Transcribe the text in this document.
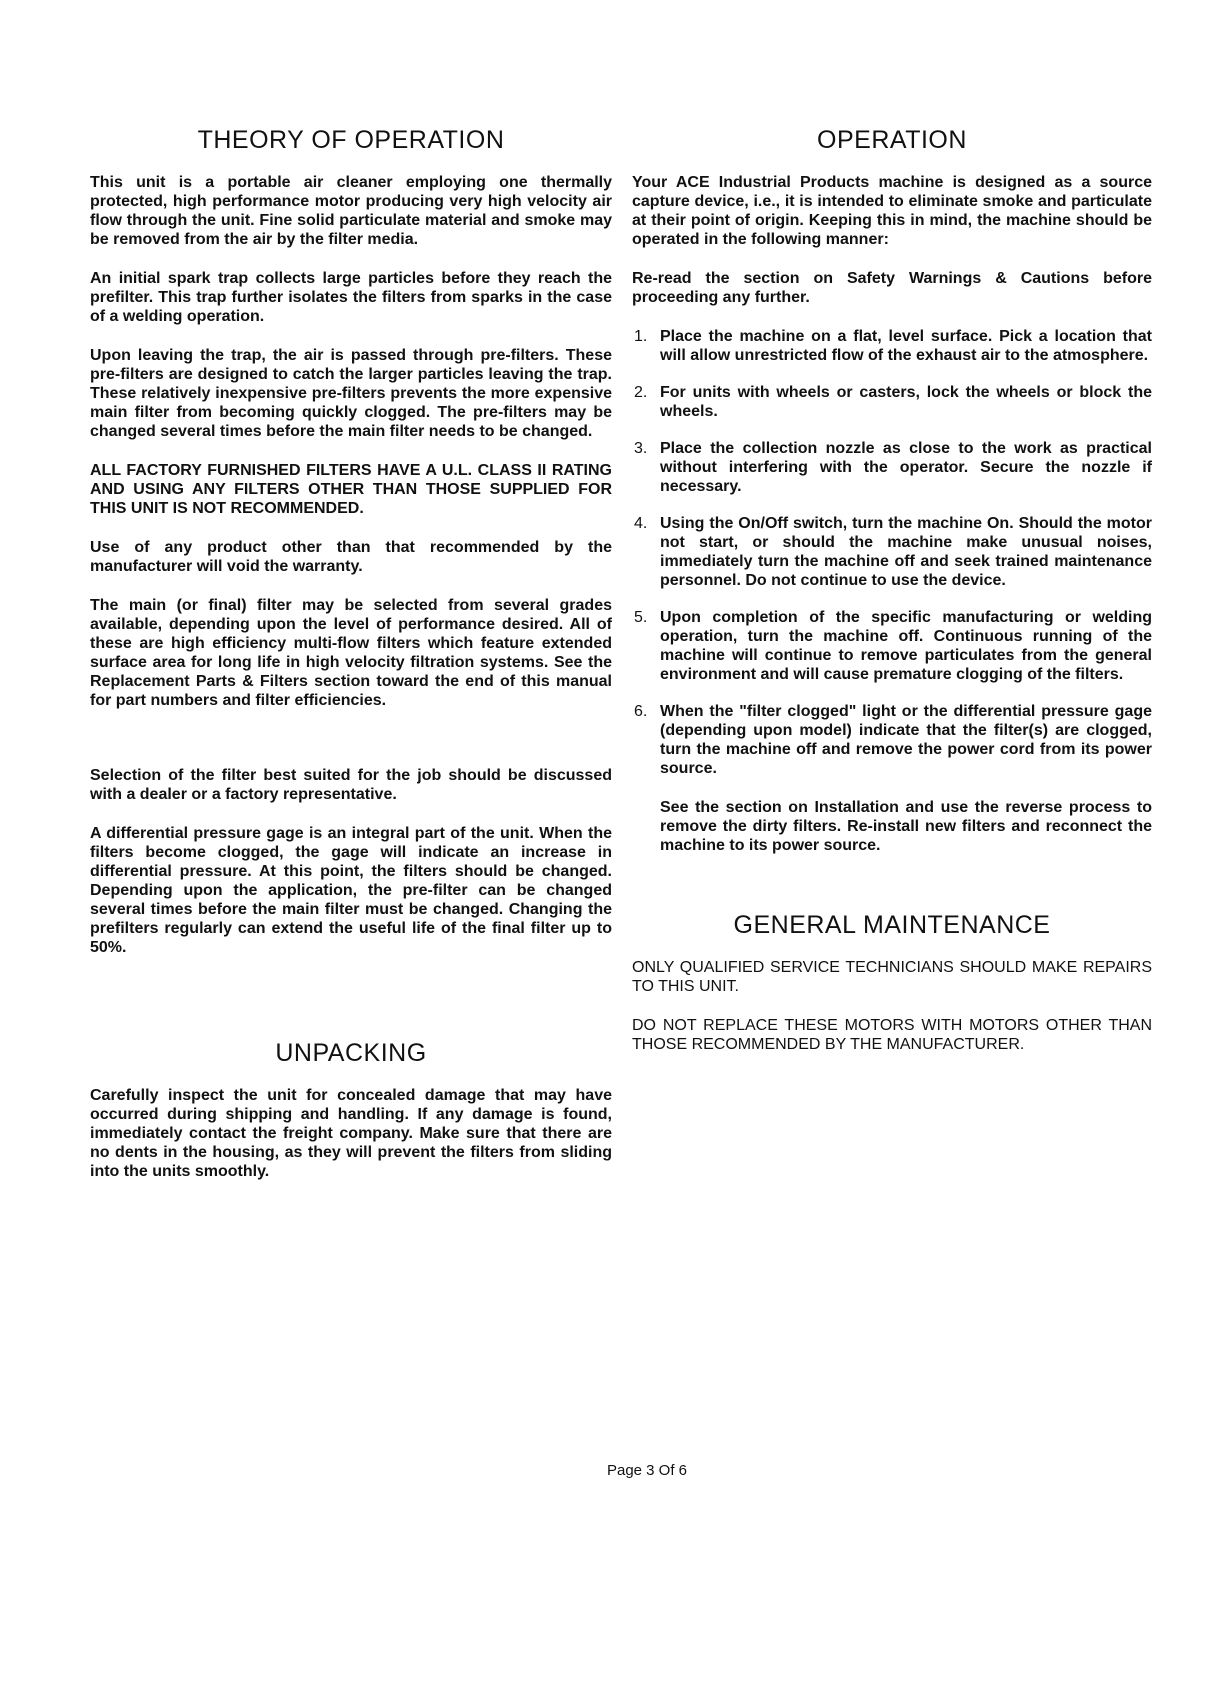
THEORY OF OPERATION

This unit is a portable air cleaner employing one thermally protected, high performance motor producing very high velocity air flow through the unit. Fine solid particulate material and smoke may be removed from the air by the filter media.

An initial spark trap collects large particles before they reach the prefilter. This trap further isolates the filters from sparks in the case of a welding operation.

Upon leaving the trap, the air is passed through pre-filters. These pre-filters are designed to catch the larger particles leaving the trap. These relatively inexpensive pre-filters prevents the more expensive main filter from becoming quickly clogged. The pre-filters may be changed several times before the main filter needs to be changed.

ALL FACTORY FURNISHED FILTERS HAVE A U.L. CLASS II RATING AND USING ANY FILTERS OTHER THAN THOSE SUPPLIED FOR THIS UNIT IS NOT RECOMMENDED.

Use of any product other than that recommended by the manufacturer will void the warranty.

The main (or final) filter may be selected from several grades available, depending upon the level of performance desired. All of these are high efficiency multi-flow filters which feature extended surface area for long life in high velocity filtration systems. See the Replacement Parts & Filters section toward the end of this manual for part numbers and filter efficiencies.

Selection of the filter best suited for the job should be discussed with a dealer or a factory representative.

A differential pressure gage is an integral part of the unit. When the filters become clogged, the gage will indicate an increase in differential pressure. At this point, the filters should be changed. Depending upon the application, the pre-filter can be changed several times before the main filter must be changed. Changing the prefilters regularly can extend the useful life of the final filter up to 50%.

UNPACKING

Carefully inspect the unit for concealed damage that may have occurred during shipping and handling. If any damage is found, immediately contact the freight company. Make sure that there are no dents in the housing, as they will prevent the filters from sliding into the units smoothly.

OPERATION

Your ACE Industrial Products machine is designed as a source capture device, i.e., it is intended to eliminate smoke and particulate at their point of origin. Keeping this in mind, the machine should be operated in the following manner:

Re-read the section on Safety Warnings & Cautions before proceeding any further.

1. Place the machine on a flat, level surface. Pick a location that will allow unrestricted flow of the exhaust air to the atmosphere.
2. For units with wheels or casters, lock the wheels or block the wheels.
3. Place the collection nozzle as close to the work as practical without interfering with the operator. Secure the nozzle if necessary.
4. Using the On/Off switch, turn the machine On. Should the motor not start, or should the machine make unusual noises, immediately turn the machine off and seek trained maintenance personnel. Do not continue to use the device.
5. Upon completion of the specific manufacturing or welding operation, turn the machine off. Continuous running of the machine will continue to remove particulates from the general environment and will cause premature clogging of the filters.
6. When the "filter clogged" light or the differential pressure gage (depending upon model) indicate that the filter(s) are clogged, turn the machine off and remove the power cord from its power source.

See the section on Installation and use the reverse process to remove the dirty filters. Re-install new filters and reconnect the machine to its power source.

GENERAL MAINTENANCE

ONLY QUALIFIED SERVICE TECHNICIANS SHOULD MAKE REPAIRS TO THIS UNIT.

DO NOT REPLACE THESE MOTORS WITH MOTORS OTHER THAN THOSE RECOMMENDED BY THE MANUFACTURER.

Page 3 Of 6
